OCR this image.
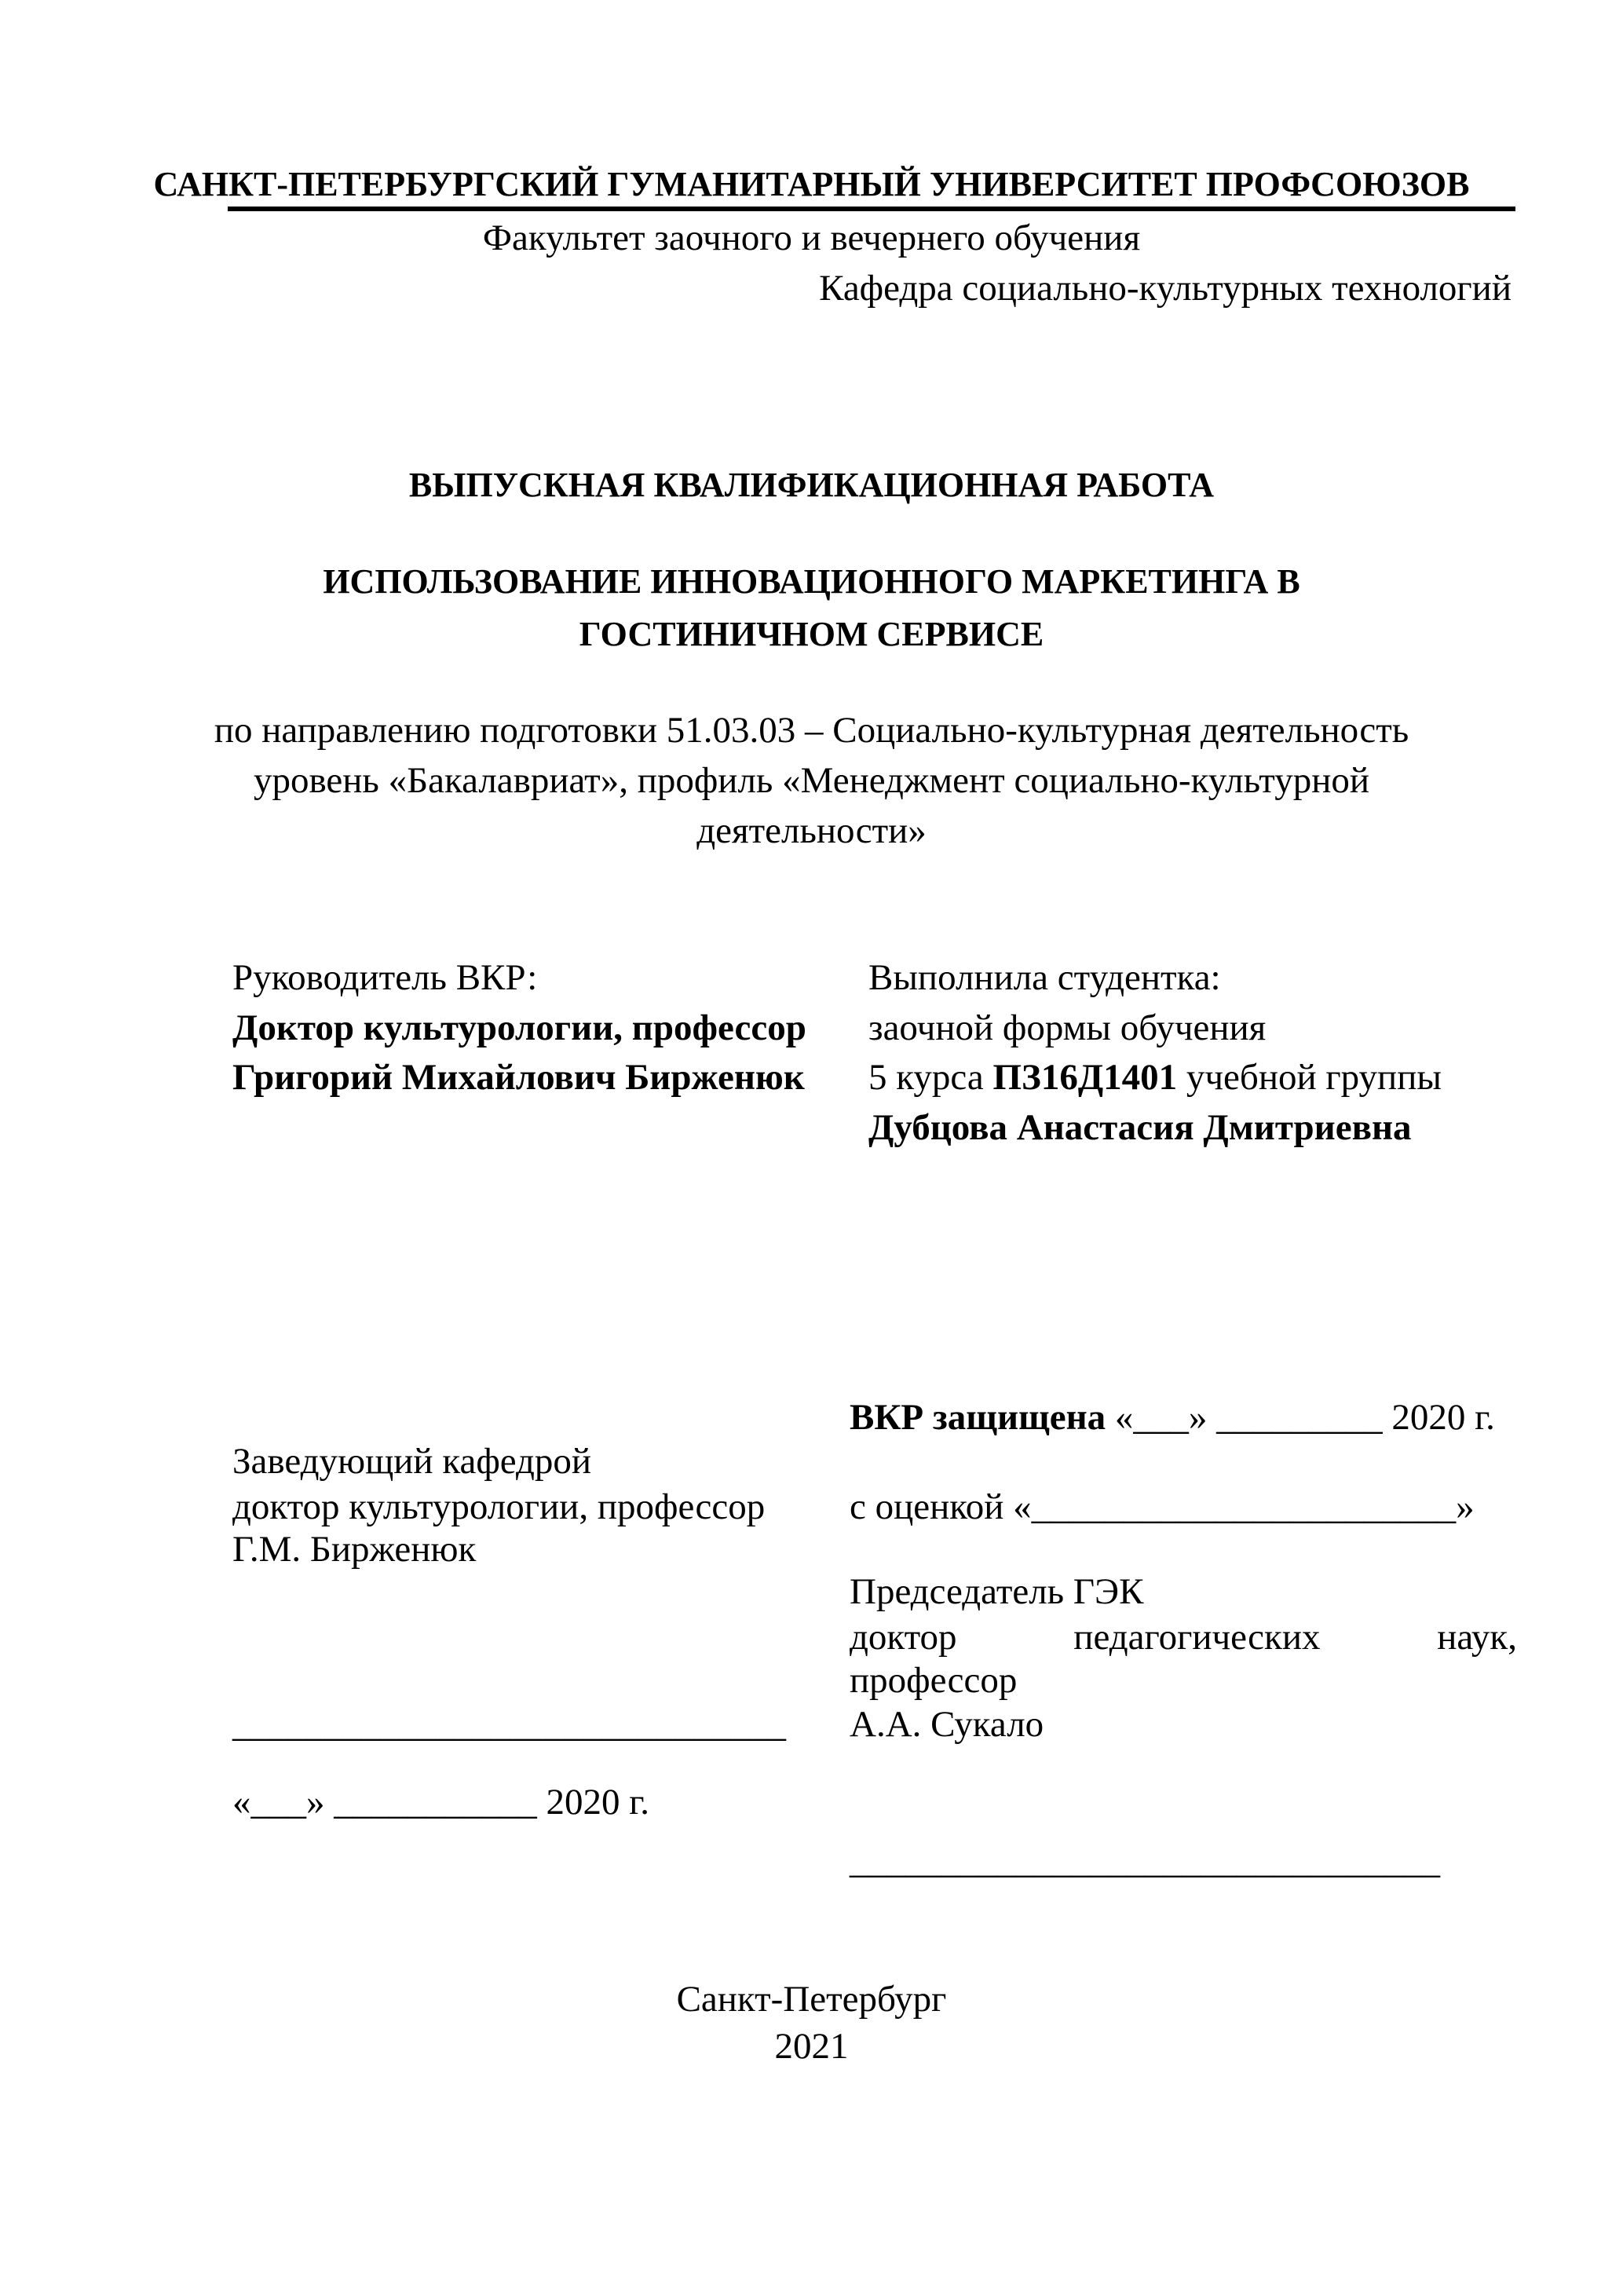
САНКТ-ПЕТЕРБУРГСКИЙ ГУМАНИТАРНЫЙ УНИВЕРСИТЕТ ПРОФСОЮЗОВ
Факультет заочного и вечернего обучения
Кафедра социально-культурных технологий
ВЫПУСКНАЯ КВАЛИФИКАЦИОННАЯ РАБОТА
ИСПОЛЬЗОВАНИЕ ИННОВАЦИОННОГО МАРКЕТИНГА В
ГОСТИНИЧНОМ СЕРВИСЕ
по направлению подготовки 51.03.03 – Социально-культурная деятельность
уровень «Бакалавриат», профиль «Менеджмент социально-культурной
деятельности»
Руководитель ВКР:
Доктор культурологии, профессор
Григорий Михайлович Бирженюк
Выполнила студентка:
заочной формы обучения
5 курса ПЗ16Д1401 учебной группы
Дубцова Анастасия Дмитриевна
ВКР защищена «___» _________ 2020 г.
с оценкой «_______________________»
Заведующий кафедрой
доктор культурологии, профессор
Г.М. Бирженюк
______________________________
«___» ___________ 2020 г.
Председатель ГЭК
доктор	педагогических	наук,
профессор
А.А. Сукало
________________________________
Санкт-Петербург
2021
